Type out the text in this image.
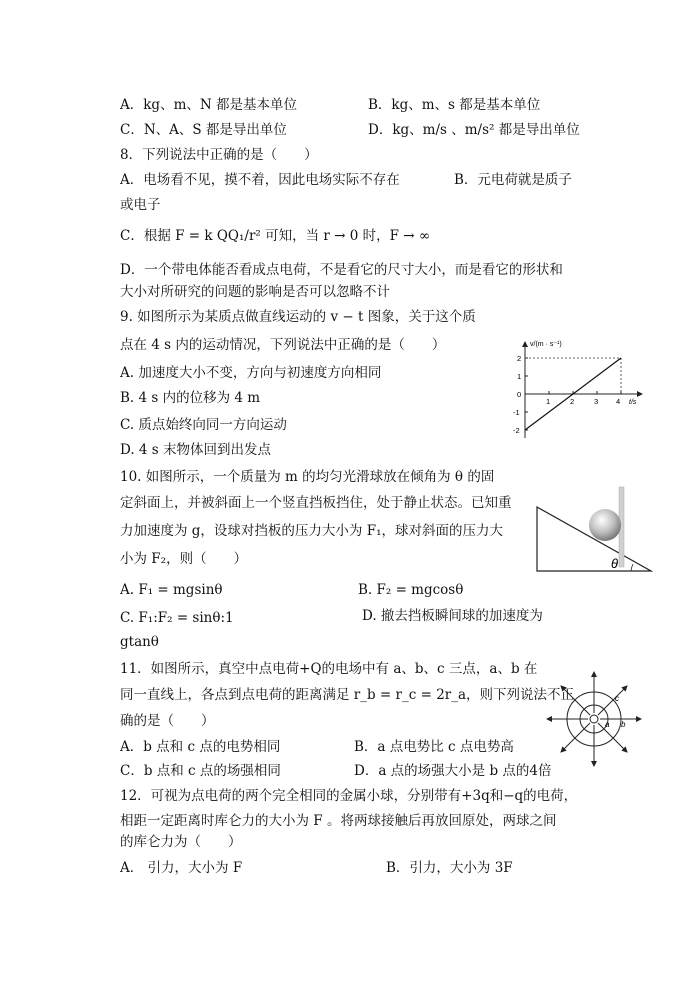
A．kg、m、N 都是基本单位	B．kg、m、s 都是基本单位
C．N、A、S 都是导出单位	D．kg、m/s 、m/s² 都是导出单位
8．下列说法中正确的是（　　）
A．电场看不见，摸不着，因此电场实际不存在	B．元电荷就是质子
或电子
C．根据 F = k QQ₁/r² 可知，当 r → 0 时，F → ∞
D．一个带电体能否看成点电荷，不是看它的尺寸大小，而是看它的形状和
大小对所研究的问题的影响是否可以忽略不计
9. 如图所示为某质点做直线运动的 v − t 图象，关于这个质
点在 4 s 内的运动情况，下列说法中正确的是（　　）
A. 加速度大小不变，方向与初速度方向相同
B. 4 s 内的位移为 4 m
C. 质点始终向同一方向运动
D. 4 s 末物体回到出发点
v/(m · s⁻¹)
t/s
2
1
0
-1
-2
1	2	3 4
10. 如图所示，一个质量为 m 的均匀光滑球放在倾角为 θ 的固
定斜面上，并被斜面上一个竖直挡板挡住，处于静止状态。已知重
力加速度为 g，设球对挡板的压力大小为 F₁，球对斜面的压力大
小为 F₂，则（　　）
A. F₁ = mgsinθ	B. F₂ = mgcosθ
C. F₁:F₂ = sinθ:1	D. 撤去挡板瞬间球的加速度为
gtanθ
θ
11．如图所示，真空中点电荷+Q的电场中有 a、b、c 三点，a、b 在
同一直线上，各点到点电荷的距离满足 r_b = r_c = 2r_a，则下列说法不正
确的是（　　）
A．b 点和 c 点的电势相同	B．a 点电势比 c 点电势高
C．b 点和 c 点的场强相同	D．a 点的场强大小是 b 点的4倍
a b
c
12．可视为点电荷的两个完全相同的金属小球，分别带有+3q和−q的电荷，
相距一定距离时库仑力的大小为 F 。将两球接触后再放回原处，两球之间
的库仑力为（　　）
A． 引力，大小为 F	B．引力，大小为 3F
